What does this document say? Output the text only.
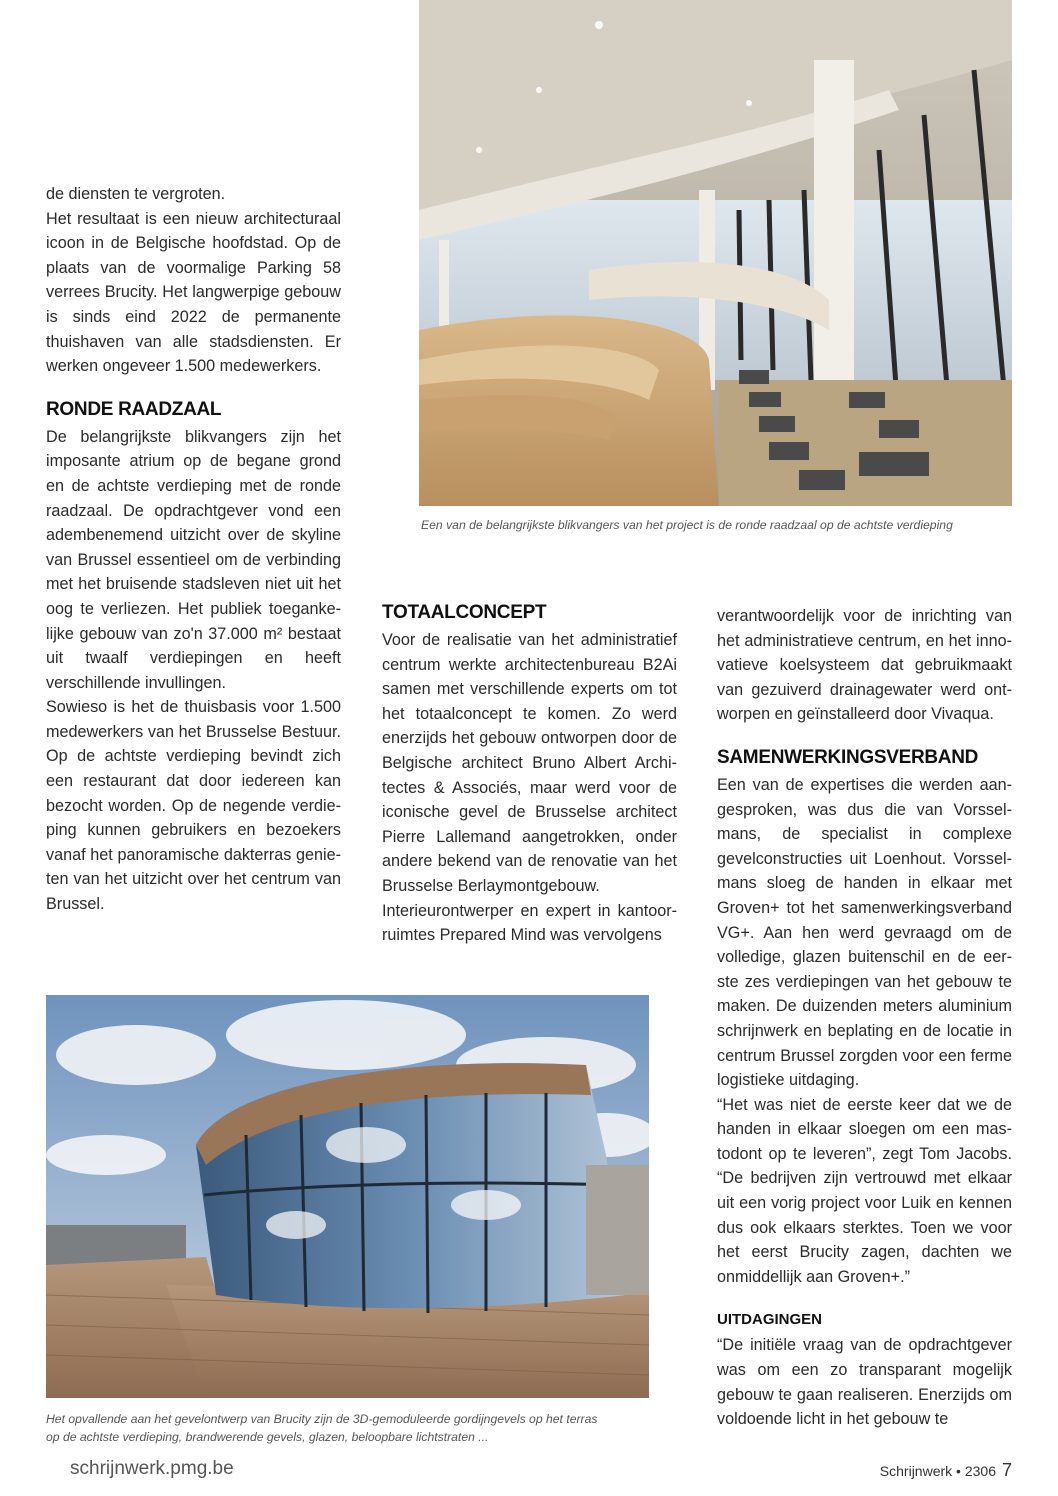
Een van de belangrijkste blikvangers van het project is de ronde raadzaal op de achtste verdieping

de diensten te vergroten.

Het resultaat is een nieuw architecturaal icoon in de Belgische hoofdstad. Op de plaats van de voormalige Parking 58 verrees Brucity. Het langwerpige gebouw is sinds eind 2022 de permanente thuishaven van alle stadsdiensten. Er werken ongeveer 1.500 medewerkers.

RONDE RAADZAAL

De belangrijkste blikvangers zijn het imposante atrium op de begane grond en de achtste verdieping met de ronde raadzaal. De opdrachtgever vond een adembenemend uitzicht over de skyline van Brussel essentieel om de verbinding met het bruisende stadsleven niet uit het oog te verliezen. Het publiek toegankelijke gebouw van zo'n 37.000 m² bestaat uit twaalf verdiepingen en heeft verschillende invullingen.

Sowieso is het de thuisbasis voor 1.500 medewerkers van het Brusselse Bestuur. Op de achtste verdieping bevindt zich een restaurant dat door iedereen kan bezocht worden. Op de negende verdieping kunnen gebruikers en bezoekers vanaf het panoramische dakterras genieten van het uitzicht over het centrum van Brussel.

TOTAALCONCEPT

Voor de realisatie van het administratief centrum werkte architectenbureau B2Ai samen met verschillende experts om tot het totaalconcept te komen. Zo werd enerzijds het gebouw ontworpen door de Belgische architect Bruno Albert Architectes & Associés, maar werd voor de iconische gevel de Brusselse architect Pierre Lallemand aangetrokken, onder andere bekend van de renovatie van het Brusselse Berlaymontgebouw.

Interieurontwerper en expert in kantoorruimtes Prepared Mind was vervolgens

verantwoordelijk voor de inrichting van het administratieve centrum, en het innovatieve koelsysteem dat gebruikmaakt van gezuiverd drainagewater werd ontworpen en geïnstalleerd door Vivaqua.

SAMENWERKINGSVERBAND

Een van de expertises die werden aangesproken, was dus die van Vorsselmans, de specialist in complexe gevelconstructies uit Loenhout. Vorsselmans sloeg de handen in elkaar met Groven+ tot het samenwerkingsverband VG+. Aan hen werd gevraagd om de volledige, glazen buitenschil en de eerste zes verdiepingen van het gebouw te maken. De duizenden meters aluminium schrijnwerk en beplating en de locatie in centrum Brussel zorgden voor een ferme logistieke uitdaging.

“Het was niet de eerste keer dat we de handen in elkaar sloegen om een mastodont op te leveren”, zegt Tom Jacobs. “De bedrijven zijn vertrouwd met elkaar uit een vorig project voor Luik en kennen dus ook elkaars sterktes. Toen we voor het eerst Brucity zagen, dachten we onmiddellijk aan Groven+.”

UITDAGINGEN

“De initiële vraag van de opdrachtgever was om een zo transparant mogelijk gebouw te gaan realiseren. Enerzijds om voldoende licht in het gebouw te

Het opvallende aan het gevelontwerp van Brucity zijn de 3D-gemoduleerde gordijngevels op het terras op de achtste verdieping, brandwerende gevels, glazen, beloopbare lichtstraten ...
schrijnwerk.pmg.be	Schrijnwerk • 2306 7
